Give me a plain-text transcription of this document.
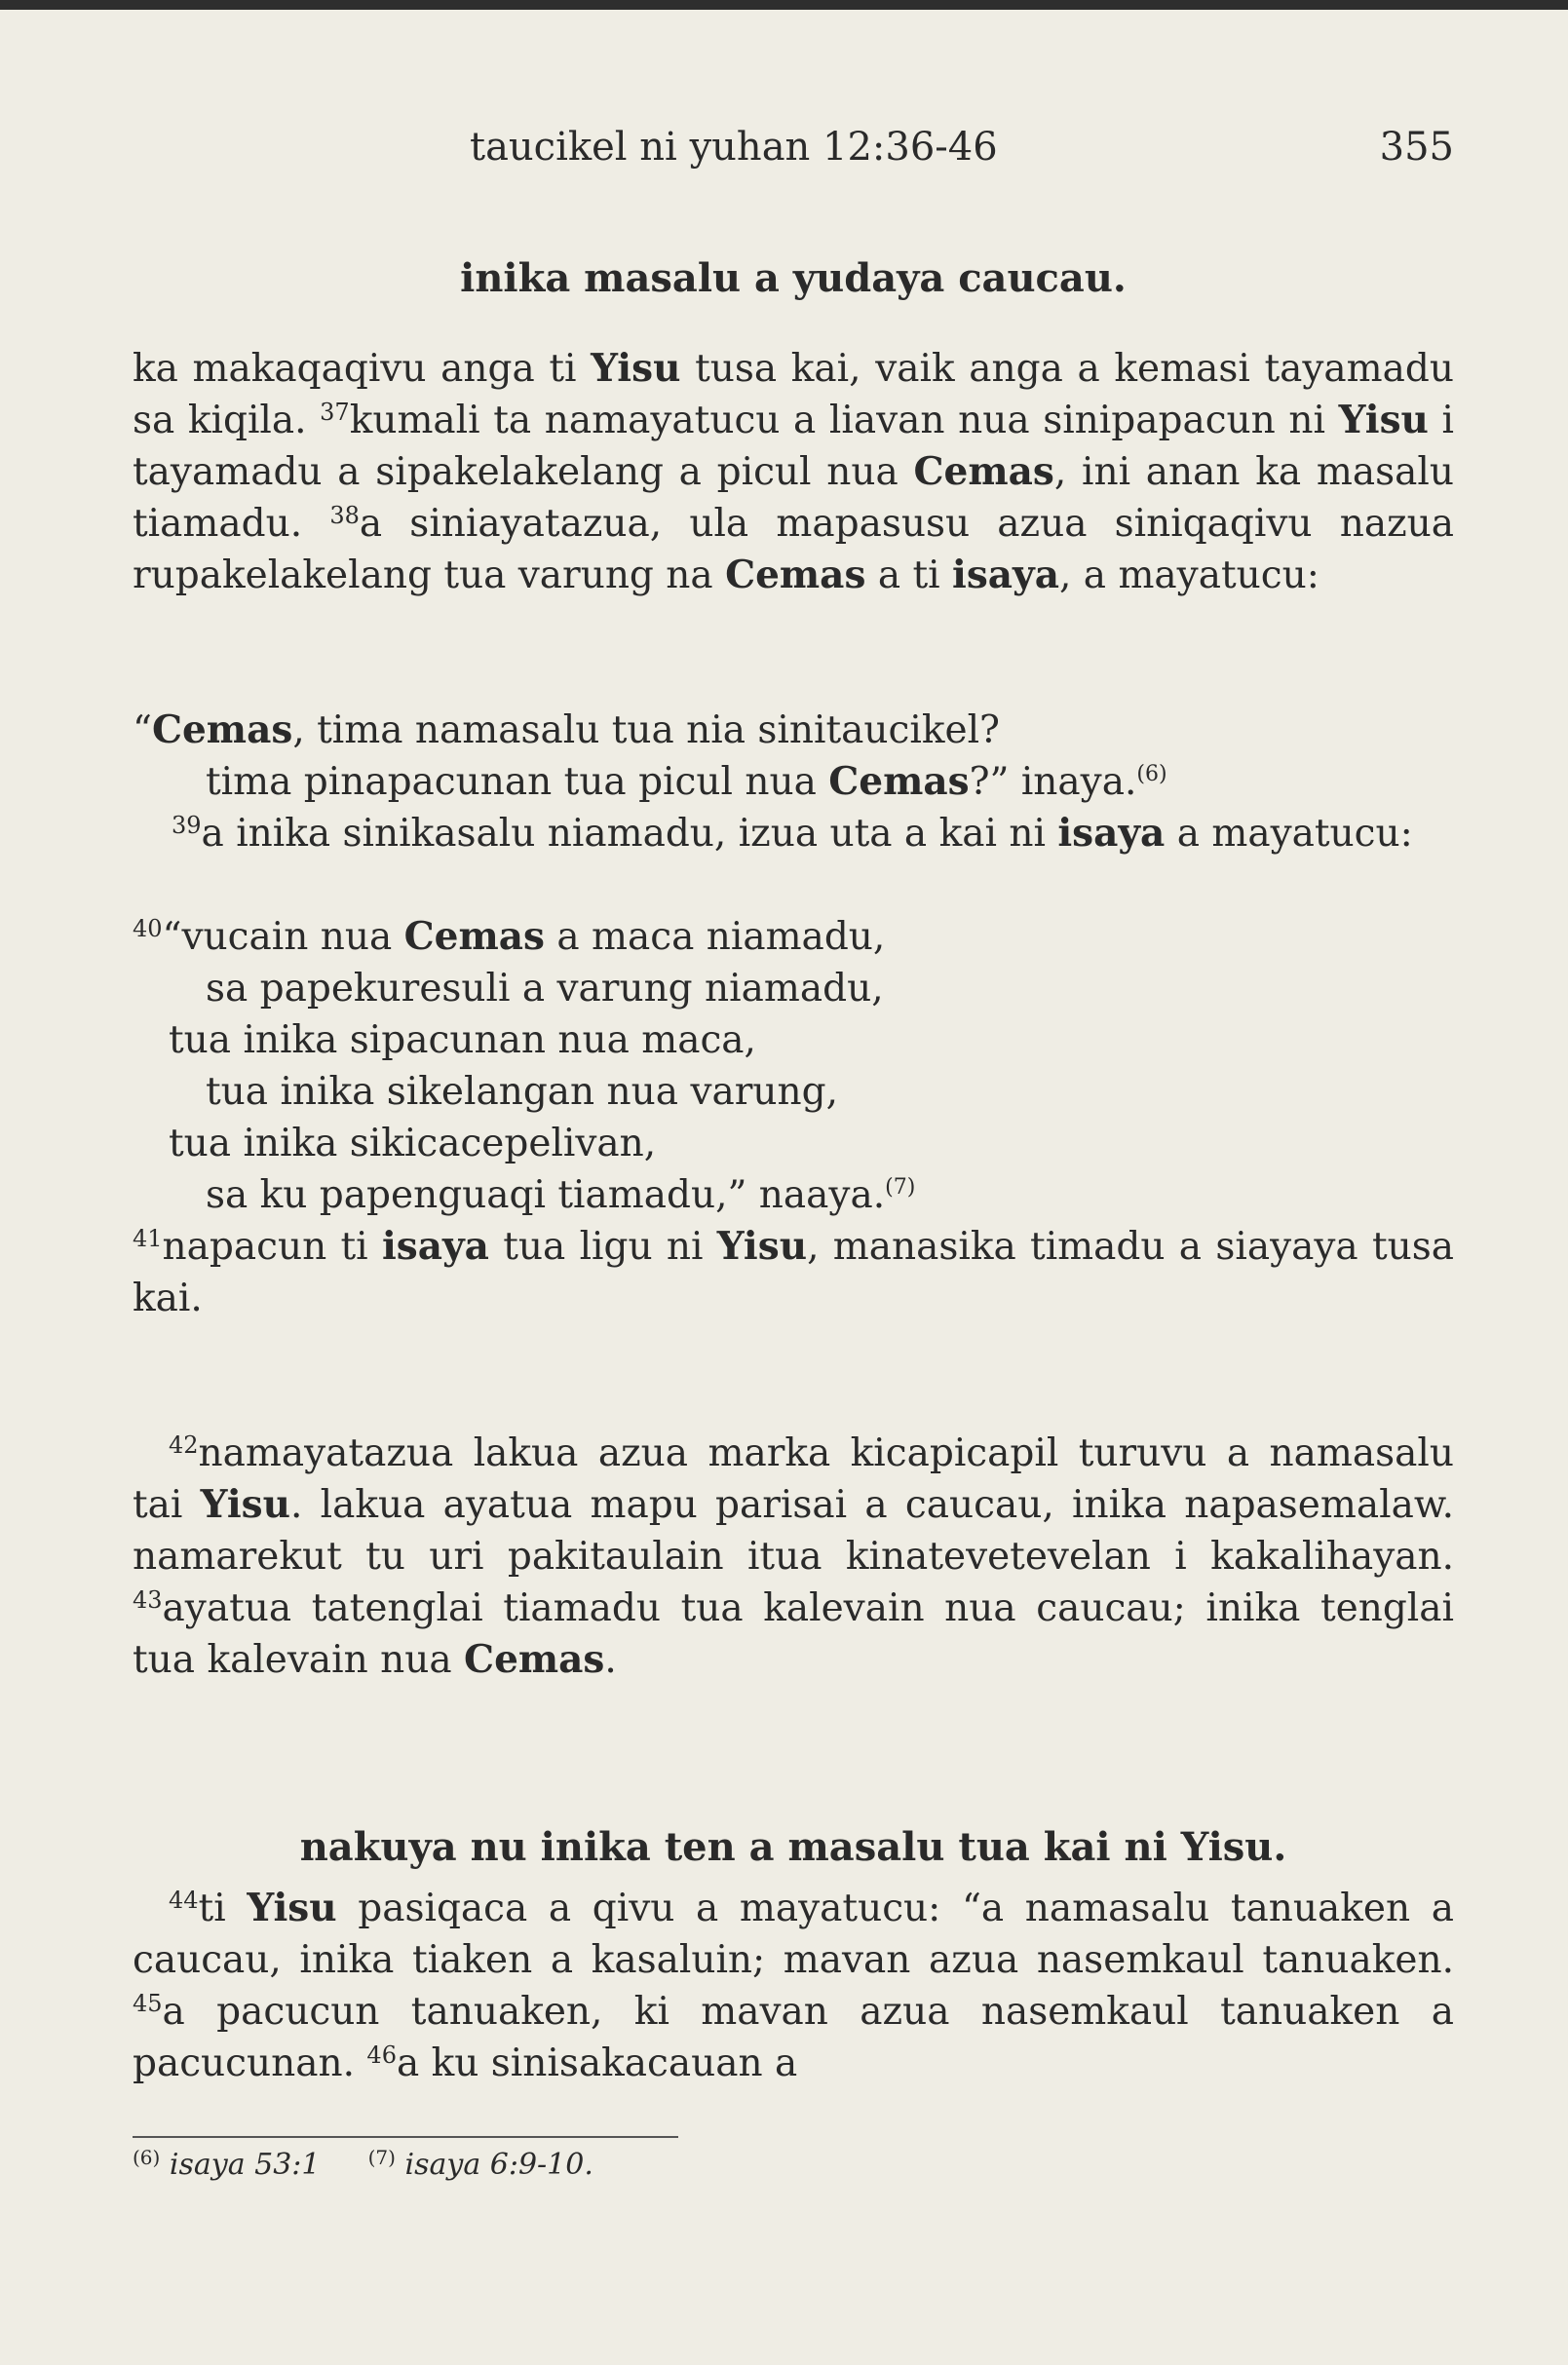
taucikel ni yuhan 12:36-46	355
inika masalu a yudaya caucau.
ka makaqaqivu anga ti Yisu tusa kai, vaik anga a kemasi tayamadu sa kiqila. $^{37}$kumali ta namayatucu a liavan nua sinipapacun ni Yisu i tayamadu a sipakelakelang a picul nua Cemas, ini anan ka masalu tiamadu. $^{38}$a siniayatazua, ula mapasusu azua siniqaqivu nazua rupakelakelang tua varung na Cemas a ti isaya, a mayatucu:
“Cemas, tima namasalu tua nia sinitaucikel?
tima pinapacunan tua picul nua Cemas?” inaya.$^{(6)}$
$^{39}$a inika sinikasalu niamadu, izua uta a kai ni isaya a mayatucu:
$^{40}$“vucain nua Cemas a maca niamadu,
sa papekuresuli a varung niamadu,
tua inika sipacunan nua maca,
tua inika sikelangan nua varung,
tua inika sikicacepelivan,
sa ku papenguaqi tiamadu,” naaya.$^{(7)}$
$^{41}$napacun ti isaya tua ligu ni Yisu, manasika timadu a siayaya tusa kai.
$^{42}$namayatazua lakua azua marka kicapicapil turuvu a namasalu tai Yisu. lakua ayatua mapu parisai a caucau, inika napasemalaw. namarekut tu uri pakitaulain itua kinatevetevelan i kakalihayan. $^{43}$ayatua tatenglai tiamadu tua kalevain nua caucau; inika tenglai tua kalevain nua Cemas.
nakuya nu inika ten a masalu tua kai ni Yisu.
$^{44}$ti Yisu pasiqaca a qivu a mayatucu: “a namasalu tanuaken a caucau, inika tiaken a kasaluin; mavan azua nasemkaul tanuaken. $^{45}$a pacucun tanuaken, ki mavan azua nasemkaul tanuaken a pacucunan. $^{46}$a ku sinisakacauan a
$^{(6)}$ isaya 53:1 $^{(7)}$ isaya 6:9-10.
